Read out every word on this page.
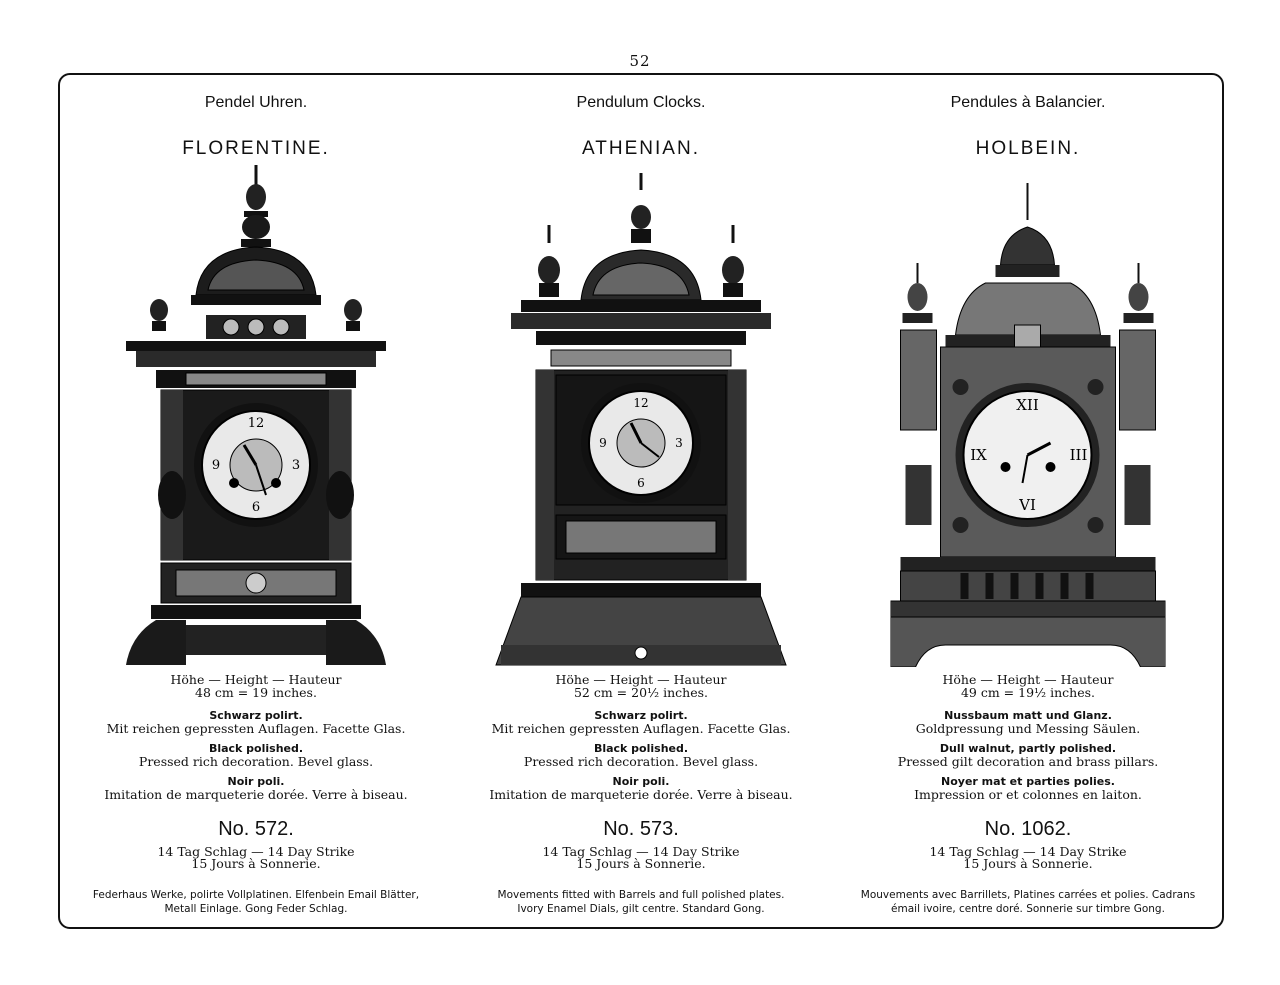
52
Pendel Uhren.
FLORENTINE.
12
3
6
9
Höhe — Height — Hauteur
48 cm = 19 inches.
Schwarz polirt.
Mit reichen gepressten Auflagen. Facette Glas.
Black polished.
Pressed rich decoration. Bevel glass.
Noir poli.
Imitation de marqueterie dorée. Verre à biseau.
No. 572.
14 Tag Schlag — 14 Day Strike
15 Jours à Sonnerie.
Federhaus Werke, polirte Vollplatinen. Elfenbein Email Blätter,
Metall Einlage. Gong Feder Schlag.
Pendulum Clocks.
ATHENIAN.
12
3
6
9
Höhe — Height — Hauteur
52 cm = 20½ inches.
Schwarz polirt.
Mit reichen gepressten Auflagen. Facette Glas.
Black polished.
Pressed rich decoration. Bevel glass.
Noir poli.
Imitation de marqueterie dorée. Verre à biseau.
No. 573.
14 Tag Schlag — 14 Day Strike
15 Jours à Sonnerie.
Movements fitted with Barrels and full polished plates.
Ivory Enamel Dials, gilt centre. Standard Gong.
Pendules à Balancier.
HOLBEIN.
XII
III
VI
IX
Höhe — Height — Hauteur
49 cm = 19½ inches.
Nussbaum matt und Glanz.
Goldpressung und Messing Säulen.
Dull walnut, partly polished.
Pressed gilt decoration and brass pillars.
Noyer mat et parties polies.
Impression or et colonnes en laiton.
No. 1062.
14 Tag Schlag — 14 Day Strike
15 Jours à Sonnerie.
Mouvements avec Barrillets, Platines carrées et polies. Cadrans
émail ivoire, centre doré. Sonnerie sur timbre Gong.
